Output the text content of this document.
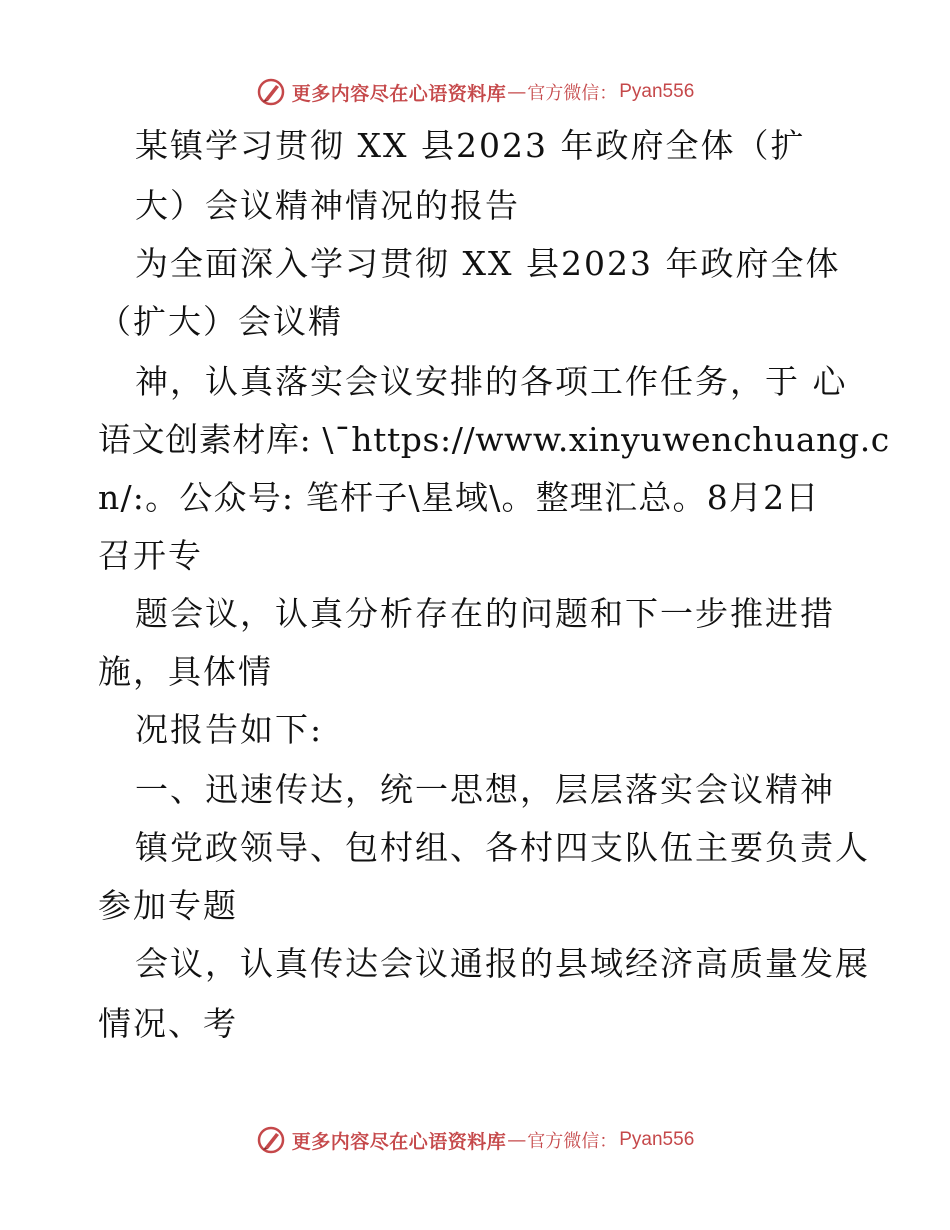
更多内容尽在心语资料库 — 官方微信： Pyan556
某镇学习贯彻 XX 县2023 年政府全体（扩
大）会议精神情况的报告
为全面深入学习贯彻 XX 县2023 年政府全体
（扩大）会议精
神，认真落实会议安排的各项工作任务，于 心
语文创素材库: \¯https://www.xinyuwenchuang.c
n/:。公众号: 笔杆子\星域\。整理汇总。8月2日
召开专
题会议，认真分析存在的问题和下一步推进措
施，具体情
况报告如下:
一、迅速传达，统一思想，层层落实会议精神
镇党政领导、包村组、各村四支队伍主要负责人
参加专题
会议，认真传达会议通报的县域经济高质量发展
情况、考
更多内容尽在心语资料库 — 官方微信： Pyan556
